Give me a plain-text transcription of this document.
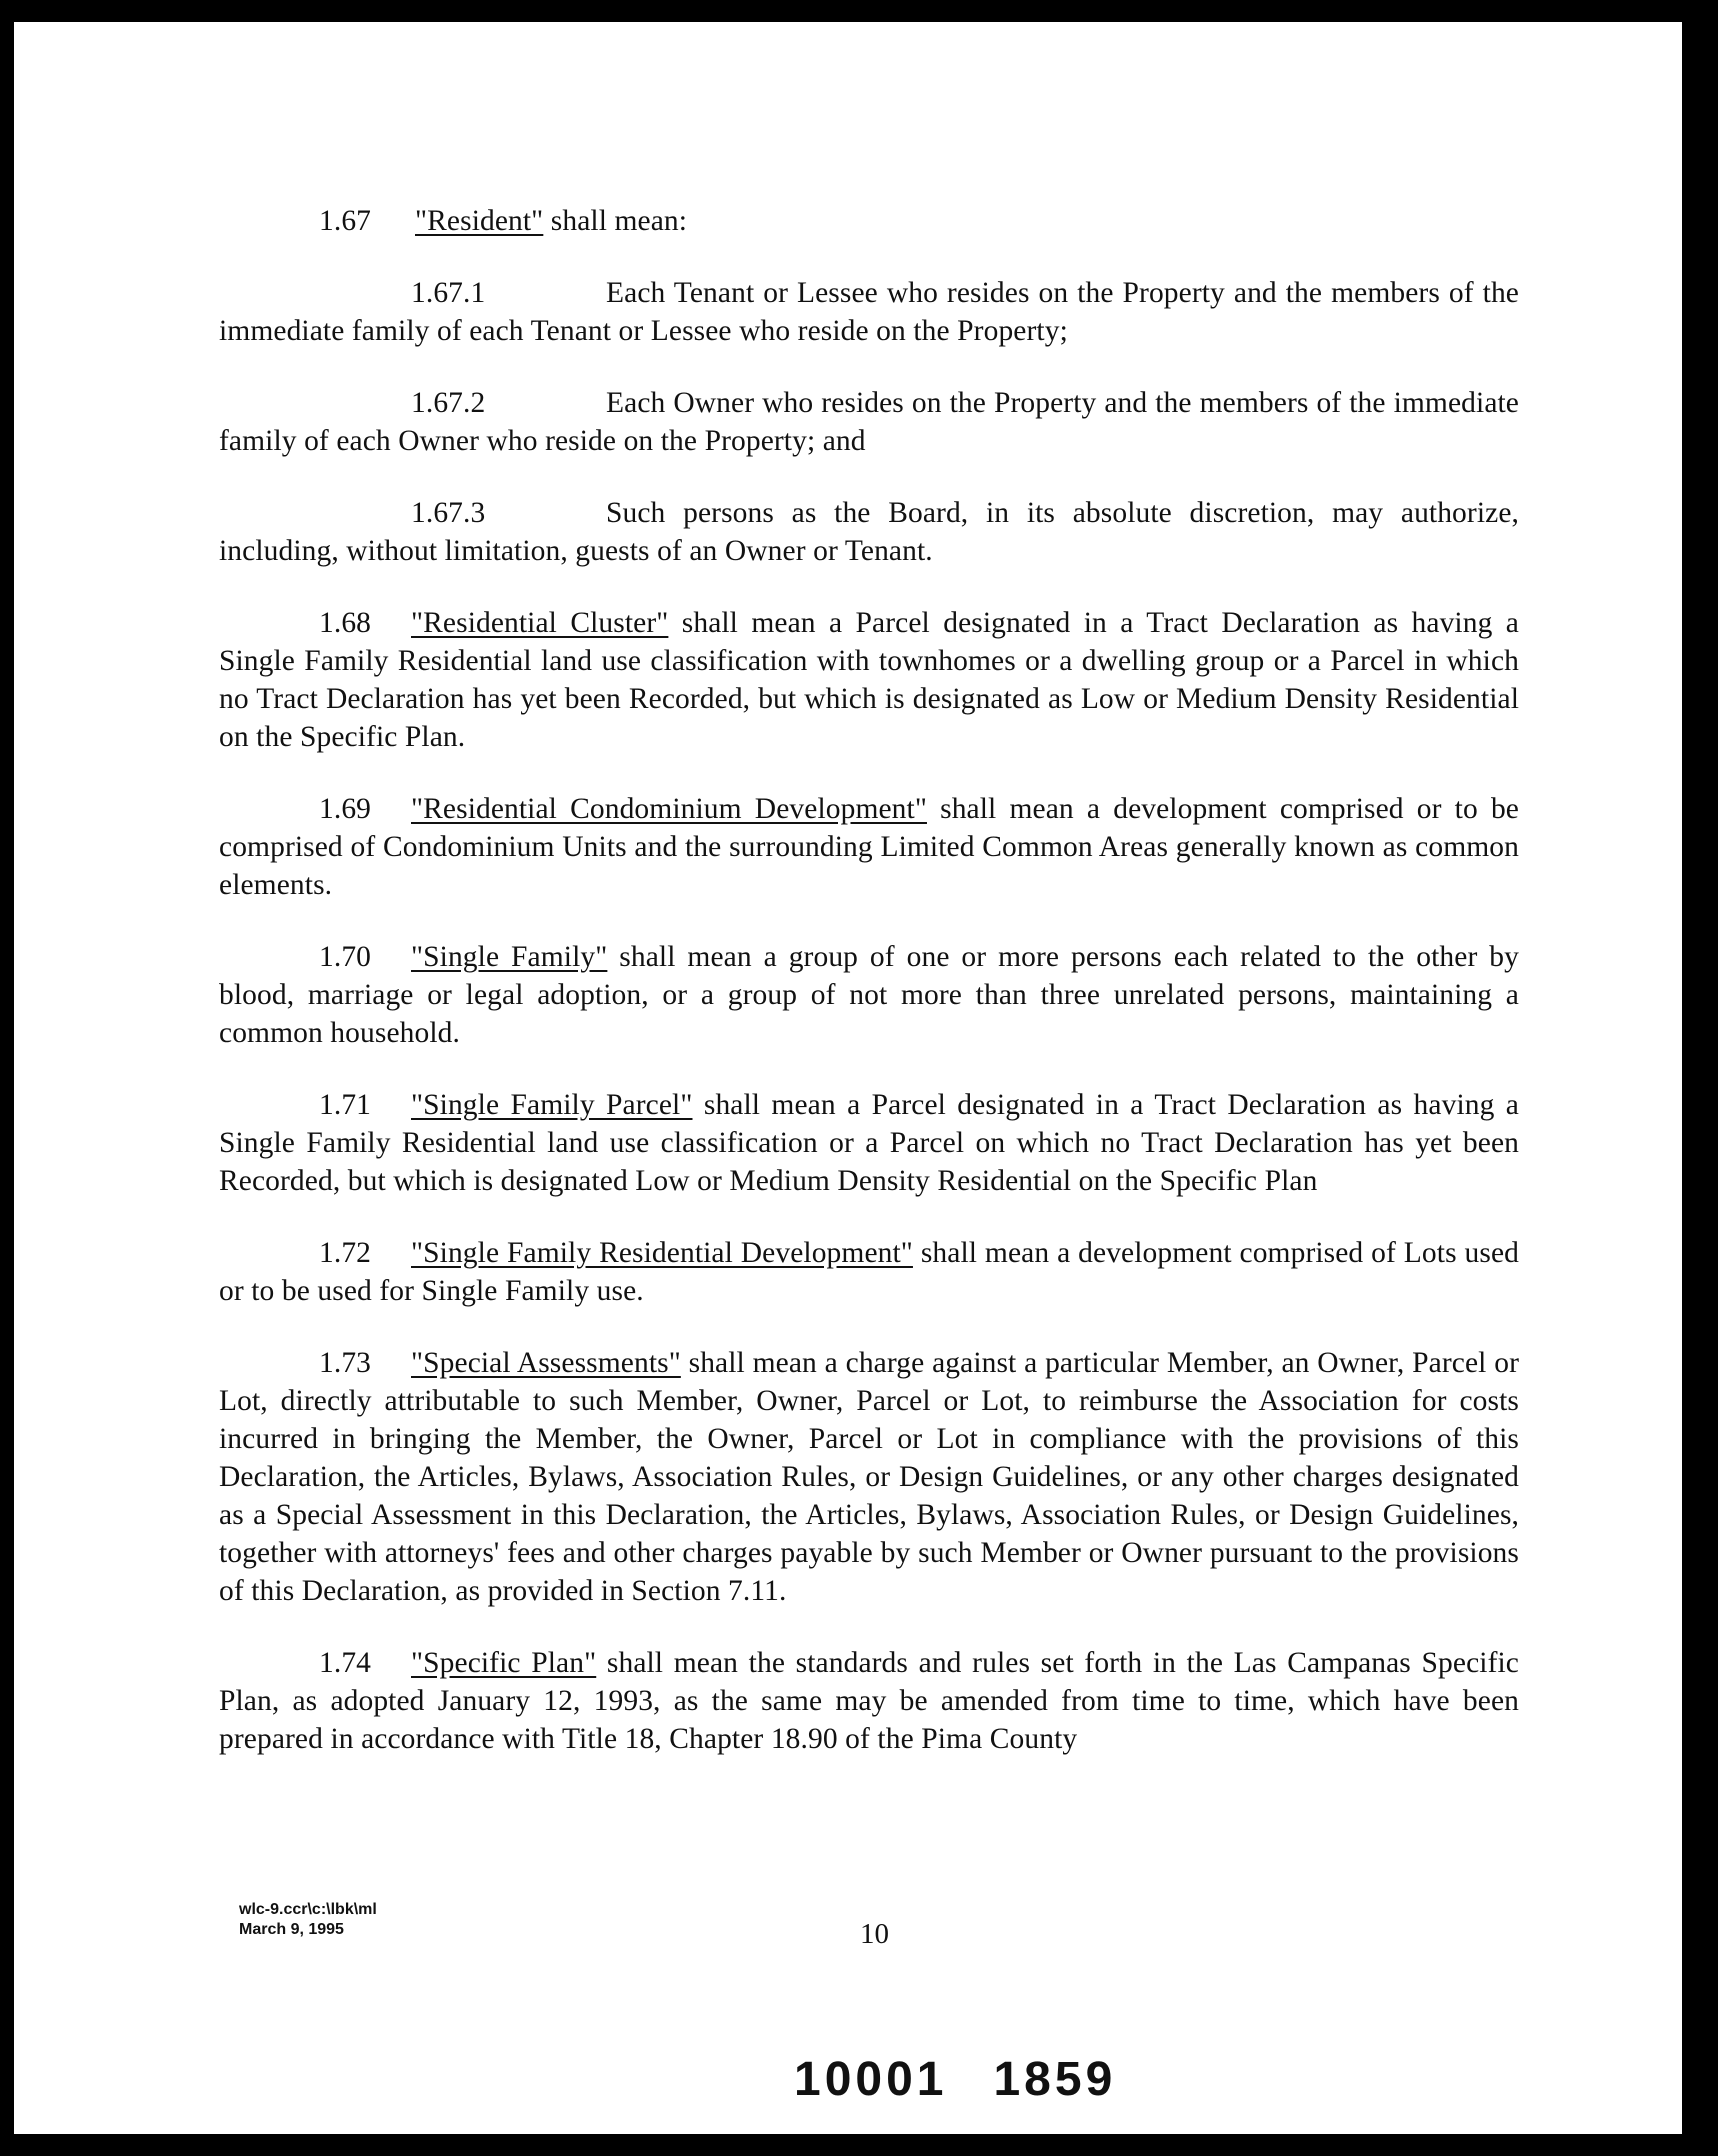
1.67 "Resident" shall mean:
1.67.1	Each Tenant or Lessee who resides on the Property and the members of the immediate family of each Tenant or Lessee who reside on the Property;
1.67.2	Each Owner who resides on the Property and the members of the immediate family of each Owner who reside on the Property; and
1.67.3	Such persons as the Board, in its absolute discretion, may authorize, including, without limitation, guests of an Owner or Tenant.
1.68 "Residential Cluster" shall mean a Parcel designated in a Tract Declaration as having a Single Family Residential land use classification with townhomes or a dwelling group or a Parcel in which no Tract Declaration has yet been Recorded, but which is designated as Low or Medium Density Residential on the Specific Plan.
1.69 "Residential Condominium Development" shall mean a development comprised or to be comprised of Condominium Units and the surrounding Limited Common Areas generally known as common elements.
1.70 "Single Family" shall mean a group of one or more persons each related to the other by blood, marriage or legal adoption, or a group of not more than three unrelated persons, maintaining a common household.
1.71 "Single Family Parcel" shall mean a Parcel designated in a Tract Declaration as having a Single Family Residential land use classification or a Parcel on which no Tract Declaration has yet been Recorded, but which is designated Low or Medium Density Residential on the Specific Plan
1.72 "Single Family Residential Development" shall mean a development comprised of Lots used or to be used for Single Family use.
1.73 "Special Assessments" shall mean a charge against a particular Member, an Owner, Parcel or Lot, directly attributable to such Member, Owner, Parcel or Lot, to reimburse the Association for costs incurred in bringing the Member, the Owner, Parcel or Lot in compliance with the provisions of this Declaration, the Articles, Bylaws, Association Rules, or Design Guidelines, or any other charges designated as a Special Assessment in this Declaration, the Articles, Bylaws, Association Rules, or Design Guidelines, together with attorneys' fees and other charges payable by such Member or Owner pursuant to the provisions of this Declaration, as provided in Section 7.11.
1.74 "Specific Plan" shall mean the standards and rules set forth in the Las Campanas Specific Plan, as adopted January 12, 1993, as the same may be amended from time to time, which have been prepared in accordance with Title 18, Chapter 18.90 of the Pima County
wlc-9.ccr\c:\lbk\ml
March 9, 1995	10
10001 1859
